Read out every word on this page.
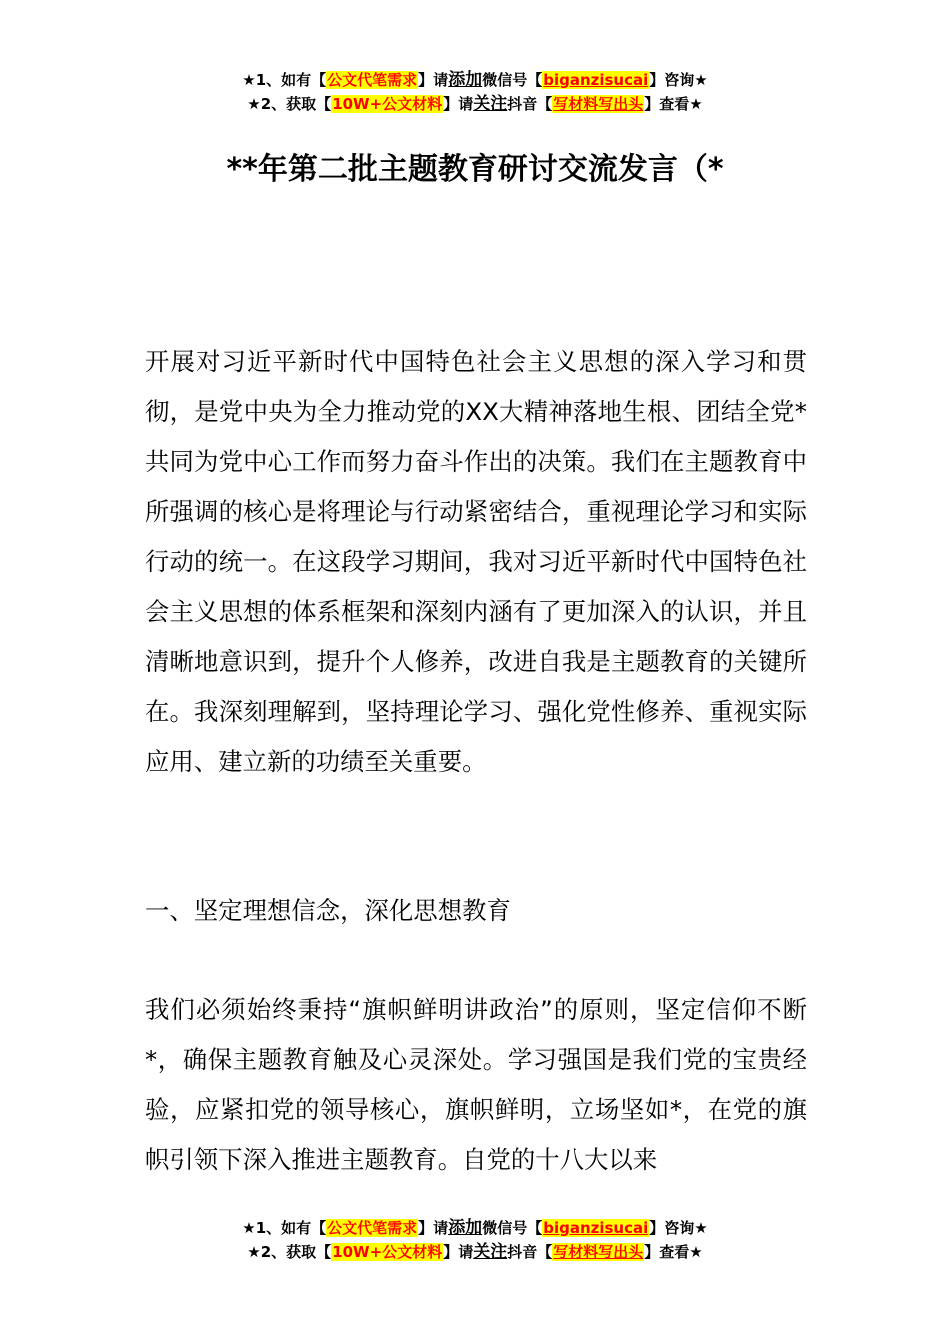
★1、如有【公文代笔需求】请添加微信号【biganzisucai】咨询★
★2、获取【10W+公文材料】请关注抖音【写材料写出头】查看★
**年第二批主题教育研讨交流发言（*
开展对习近平新时代中国特色社会主义思想的深入学习和贯彻，是党中央为全力推动党的XX大精神落地生根、团结全党*共同为党中心工作而努力奋斗作出的决策。我们在主题教育中所强调的核心是将理论与行动紧密结合，重视理论学习和实际行动的统一。在这段学习期间，我对习近平新时代中国特色社会主义思想的体系框架和深刻内涵有了更加深入的认识，并且清晰地意识到，提升个人修养，改进自我是主题教育的关键所在。我深刻理解到，坚持理论学习、强化党性修养、重视实际应用、建立新的功绩至关重要。
一、坚定理想信念，深化思想教育
我们必须始终秉持“旗帜鲜明讲政治”的原则，坚定信仰不断*，确保主题教育触及心灵深处。学习强国是我们党的宝贵经验，应紧扣党的领导核心，旗帜鲜明，立场坚如*，在党的旗帜引领下深入推进主题教育。自党的十八大以来
★1、如有【公文代笔需求】请添加微信号【biganzisucai】咨询★
★2、获取【10W+公文材料】请关注抖音【写材料写出头】查看★
